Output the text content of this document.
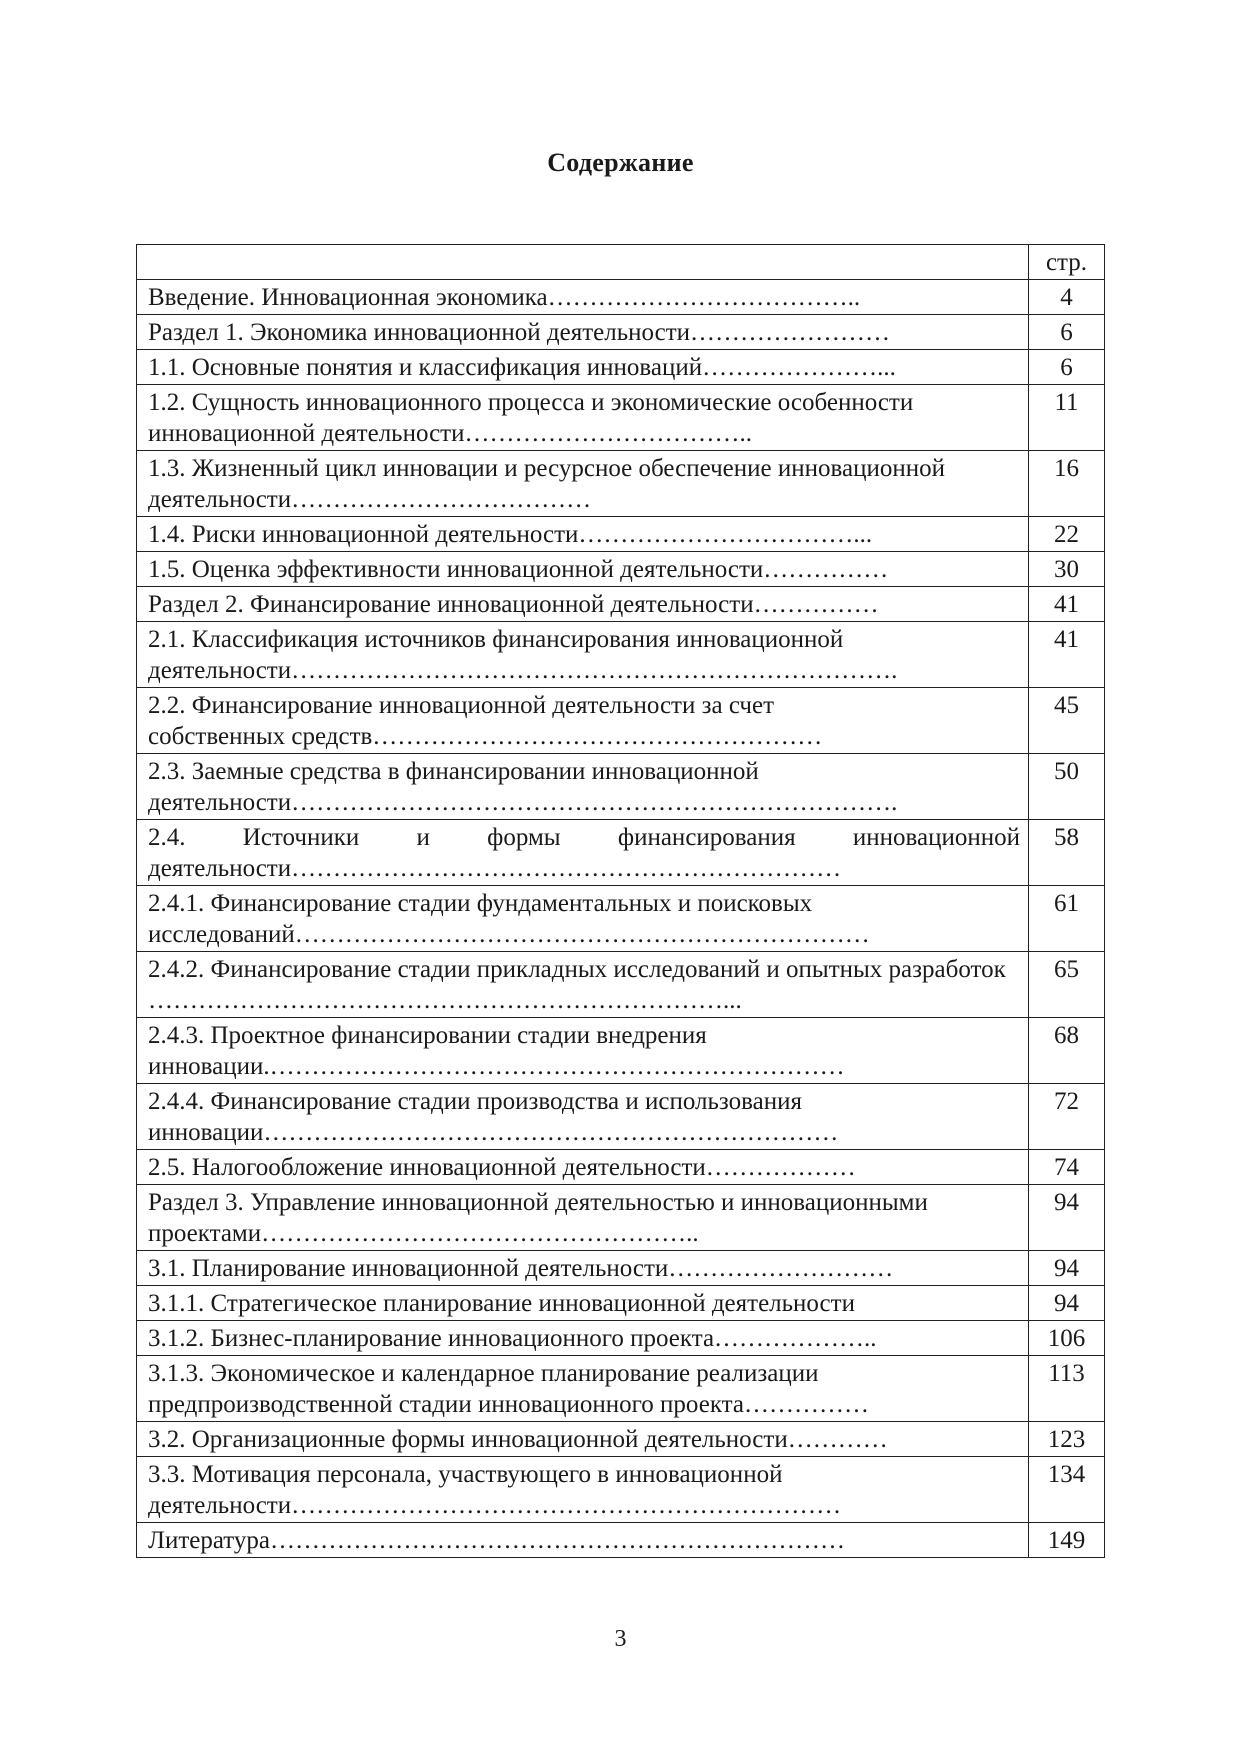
Содержание
	стр.
Введение. Инновационная экономика………………………………..	4
Раздел 1. Экономика инновационной деятельности……………………	6
1.1. Основные понятия и классификация инноваций…………………...	6
1.2. Сущность инновационного процесса и экономические особенности инновационной деятельности……………………………..	11
1.3. Жизненный цикл инновации и ресурсное обеспечение инновационной деятельности………………………………	16
1.4. Риски инновационной деятельности……………………………...	22
1.5. Оценка эффективности инновационной деятельности……………	30
Раздел 2. Финансирование инновационной деятельности……………	41
2.1. Классификация источников финансирования инновационной деятельности……………………………………………………………….	41
2.2. Финансирование инновационной деятельности за счет собственных средств………………………………………………	45
2.3. Заемные средства в финансировании инновационной деятельности……………………………………………………………….	50
2.4. Источники и формы финансирования инновационной деятельности…………………………………………………………	58
2.4.1. Финансирование стадии фундаментальных и поисковых исследований……………………………………………………………	61
2.4.2. Финансирование стадии прикладных исследований и опытных разработок ……………………………………………………………...	65
2.4.3. Проектное финансировании стадии внедрения инновации.……………………………………………………………	68
2.4.4. Финансирование стадии производства и использования инновации……………………………………………………………	72
2.5. Налогообложение инновационной деятельности………………	74
Раздел 3. Управление инновационной деятельностью и инновационными проектами……………………………………………..	94
3.1. Планирование инновационной деятельности………………………	94
3.1.1. Стратегическое планирование инновационной деятельности	94
3.1.2. Бизнес-планирование инновационного проекта………………..	106
3.1.3. Экономическое и календарное планирование реализации предпроизводственной стадии инновационного проекта……………	113
3.2. Организационные формы инновационной деятельности…………	123
3.3. Мотивация персонала, участвующего в инновационной деятельности…………………………………………………………	134
Литература……………………………………………………………	149
3
